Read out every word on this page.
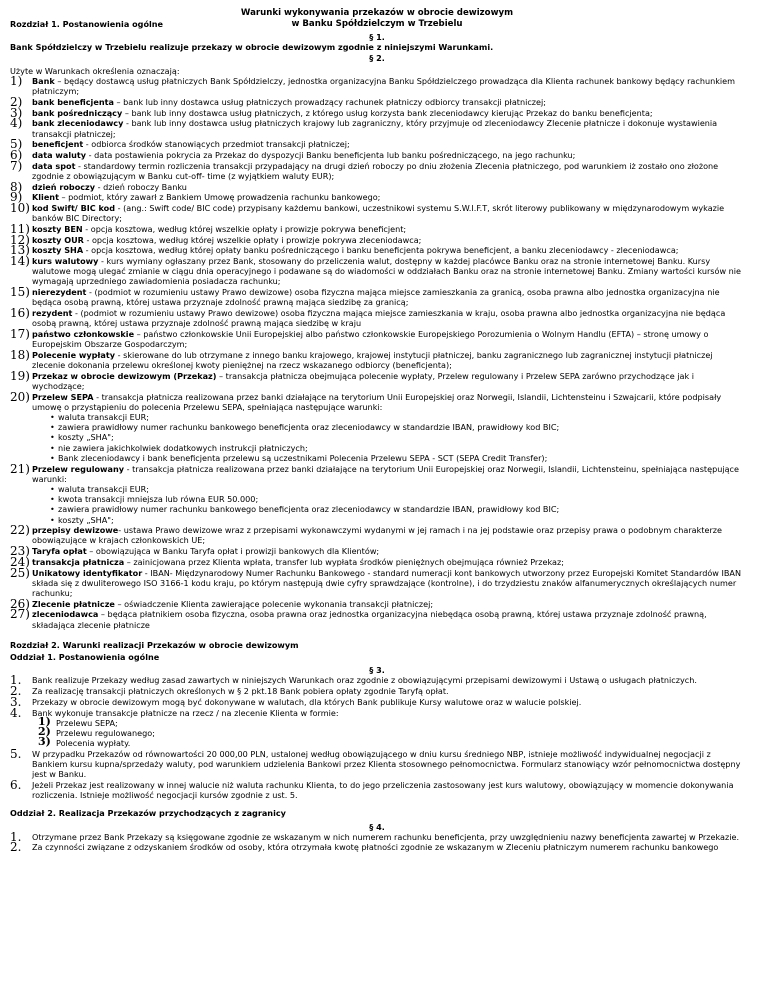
Warunki wykonywania przekazów w obrocie dewizowym
w Banku Spółdzielczym w Trzebielu
Rozdział 1. Postanowienia ogólne
§ 1.
Bank Spółdzielczy w Trzebielu realizuje przekazy w obrocie dewizowym zgodnie z niniejszymi Warunkami.
§ 2.
Użyte w Warunkach określenia oznaczają:
1) Bank – będący dostawcą usług płatniczych Bank Spółdzielczy, jednostka organizacyjna Banku Spółdzielczego prowadząca dla Klienta rachunek bankowy będący rachunkiem płatniczym;
2) bank beneficjenta – bank lub inny dostawca usług płatniczych prowadzący rachunek płatniczy odbiorcy transakcji płatniczej;
3) bank pośredniczący – bank lub inny dostawca usług płatniczych, z którego usług korzysta bank zleceniodawcy kierując Przekaz do banku beneficjenta;
4) bank zleceniodawcy - bank lub inny dostawca usług płatniczych krajowy lub zagraniczny, który przyjmuje od zleceniodawcy Zlecenie płatnicze i dokonuje wystawienia transakcji płatniczej;
5) beneficjent - odbiorca środków stanowiących przedmiot transakcji płatniczej;
6) data waluty - data postawienia pokrycia za Przekaz do dyspozycji Banku beneficjenta lub banku pośredniczącego, na jego rachunku;
7) data spot - standardowy termin rozliczenia transakcji przypadający na drugi dzień roboczy po dniu złożenia Zlecenia płatniczego, pod warunkiem iż zostało ono złożone zgodnie z obowiązującym w Banku cut-off- time (z wyjątkiem waluty EUR);
8) dzień roboczy - dzień roboczy Banku
9) Klient – podmiot, który zawarł z Bankiem Umowę prowadzenia rachunku bankowego;
10) kod Swift/ BIC kod - (ang.: Swift code/ BIC code) przypisany każdemu bankowi, uczestnikowi systemu S.W.I.F.T, skrót literowy publikowany w międzynarodowym wykazie banków BIC Directory;
11) koszty BEN - opcja kosztowa, według której wszelkie opłaty i prowizje pokrywa beneficjent;
12) koszty OUR - opcja kosztowa, według której wszelkie opłaty i prowizje pokrywa zleceniodawca;
13) koszty SHA - opcja kosztowa, według której opłaty banku pośredniczącego i banku beneficjenta pokrywa beneficjent, a banku zleceniodawcy - zleceniodawca;
14) kurs walutowy - kurs wymiany ogłaszany przez Bank, stosowany do przeliczenia walut, dostępny w każdej placówce Banku oraz na stronie internetowej Banku. Kursy walutowe mogą ulegać zmianie w ciągu dnia operacyjnego i podawane są do wiadomości w oddziałach Banku oraz na stronie internetowej Banku. Zmiany wartości kursów nie wymagają uprzedniego zawiadomienia posiadacza rachunku;
15) nierezydent - (podmiot w rozumieniu ustawy Prawo dewizowe) osoba fizyczna mająca miejsce zamieszkania za granicą, osoba prawna albo jednostka organizacyjna nie będąca osobą prawną, której ustawa przyznaje zdolność prawną mająca siedzibę za granicą;
16) rezydent - (podmiot w rozumieniu ustawy Prawo dewizowe) osoba fizyczna mająca miejsce zamieszkania w kraju, osoba prawna albo jednostka organizacyjna nie będąca osobą prawną, której ustawa przyznaje zdolność prawną mająca siedzibę w kraju
17) państwo członkowskie – państwo członkowskie Unii Europejskiej albo państwo członkowskie Europejskiego Porozumienia o Wolnym Handlu (EFTA) – stronę umowy o Europejskim Obszarze Gospodarczym;
18) Polecenie wypłaty - skierowane do lub otrzymane z innego banku krajowego, krajowej instytucji płatniczej, banku zagranicznego lub zagranicznej instytucji płatniczej zlecenie dokonania przelewu określonej kwoty pieniężnej na rzecz wskazanego odbiorcy (beneficjenta);
19) Przekaz w obrocie dewizowym (Przekaz) – transakcja płatnicza obejmująca polecenie wypłaty, Przelew regulowany i Przelew SEPA zarówno przychodzące jak i wychodzące;
20) Przelew SEPA - transakcja płatnicza realizowana przez banki działające na terytorium Unii Europejskiej oraz Norwegii, Islandii, Lichtensteinu i Szwajcarii, które podpisały umowę o przystąpieniu do polecenia Przelewu SEPA, spełniająca następujące warunki:
• waluta transakcji EUR;
• zawiera prawidłowy numer rachunku bankowego beneficjenta oraz zleceniodawcy w standardzie IBAN, prawidłowy kod BIC;
• koszty „SHA";
• nie zawiera jakichkolwiek dodatkowych instrukcji płatniczych;
• Bank zleceniodawcy i bank beneficjenta przelewu są uczestnikami Polecenia Przelewu SEPA - SCT (SEPA Credit Transfer);
21) Przelew regulowany - transakcja płatnicza realizowana przez banki działające na terytorium Unii Europejskiej oraz Norwegii, Islandii, Lichtensteinu, spełniająca następujące warunki:
• waluta transakcji EUR;
• kwota transakcji mniejsza lub równa EUR 50.000;
• zawiera prawidłowy numer rachunku bankowego beneficjenta oraz zleceniodawcy w standardzie IBAN, prawidłowy kod BIC;
• koszty „SHA";
22) przepisy dewizowe- ustawa Prawo dewizowe wraz z przepisami wykonawczymi wydanymi w jej ramach i na jej podstawie oraz przepisy prawa o podobnym charakterze obowiązujące w krajach członkowskich UE;
23) Taryfa opłat – obowiązująca w Banku Taryfa opłat i prowizji bankowych dla Klientów;
24) transakcja płatnicza – zainicjowana przez Klienta wpłata, transfer lub wypłata środków pieniężnych obejmująca również Przekaz;
25) Unikatowy identyfikator - IBAN- Międzynarodowy Numer Rachunku Bankowego - standard numeracji kont bankowych utworzony przez Europejski Komitet Standardów IBAN składa się z dwuliterowego ISO 3166-1 kodu kraju, po którym następują dwie cyfry sprawdzające (kontrolne), i do trzydziestu znaków alfanumerycznych określających numer rachunku;
26) Zlecenie płatnicze – oświadczenie Klienta zawierające polecenie wykonania transakcji płatniczej;
27) zleceniodawca – będąca płatnikiem osoba fizyczna, osoba prawna oraz jednostka organizacyjna niebędąca osobą prawną, której ustawa przyznaje zdolność prawną, składająca zlecenie płatnicze
Rozdział 2. Warunki realizacji Przekazów w obrocie dewizowym
Oddział 1. Postanowienia ogólne
§ 3.
1. Bank realizuje Przekazy według zasad zawartych w niniejszych Warunkach oraz zgodnie z obowiązującymi przepisami dewizowymi i Ustawą o usługach płatniczych.
2. Za realizację transakcji płatniczych określonych w § 2 pkt.18 Bank pobiera opłaty zgodnie Taryfą opłat.
3. Przekazy w obrocie dewizowym mogą być dokonywane w walutach, dla których Bank publikuje Kursy walutowe oraz w walucie polskiej.
4. Bank wykonuje transakcje płatnicze na rzecz / na zlecenie Klienta w formie:
1) Przelewu SEPA;
2) Przelewu regulowanego;
3) Polecenia wypłaty.
5. W przypadku Przekazów od równowartości 20 000,00 PLN, ustalonej według obowiązującego w dniu kursu średniego NBP, istnieje możliwość indywidualnej negocjacji z Bankiem kursu kupna/sprzedaży waluty, pod warunkiem udzielenia Bankowi przez Klienta stosownego pełnomocnictwa. Formularz stanowiący wzór pełnomocnictwa dostępny jest w Banku.
6. Jeżeli Przekaz jest realizowany w innej walucie niż waluta rachunku Klienta, to do jego przeliczenia zastosowany jest kurs walutowy, obowiązujący w momencie dokonywania rozliczenia. Istnieje możliwość negocjacji kursów zgodnie z ust. 5.
Oddział 2. Realizacja Przekazów przychodzących z zagranicy
§ 4.
1. Otrzymane przez Bank Przekazy są księgowane zgodnie ze wskazanym w nich numerem rachunku beneficjenta, przy uwzględnieniu nazwy beneficjenta zawartej w Przekazie.
2. Za czynności związane z odzyskaniem środków od osoby, która otrzymała kwotę płatności zgodnie ze wskazanym w Zleceniu płatniczym numerem rachunku bankowego
